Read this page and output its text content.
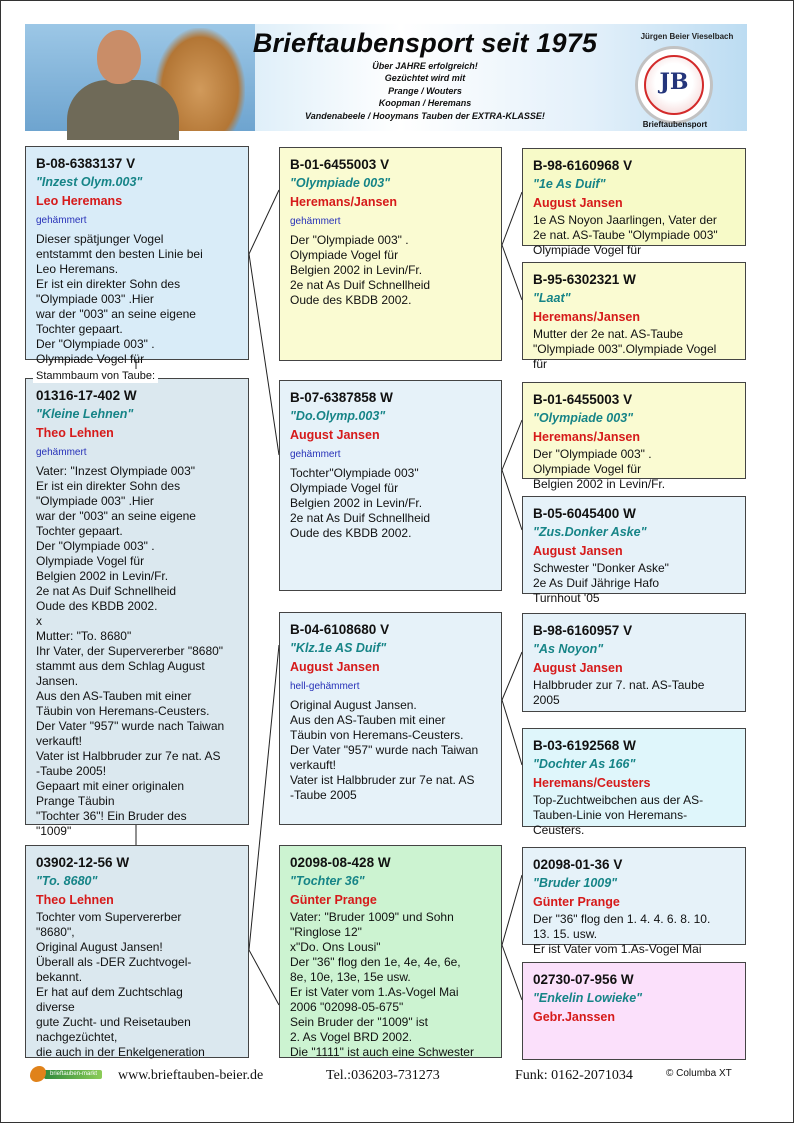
Brieftaubensport seit 1975
Über JAHRE erfolgreich!
Gezüchtet wird mit
Prange / Wouters
Koopman / Heremans
Vandenabeele / Hooymans Tauben der EXTRA-KLASSE!
Jürgen Beier Vieselbach
JB
Brieftaubensport
B-08-6383137 V
"Inzest Olym.003"
Leo Heremans
gehämmert
Dieser spätjunger Vogel
entstammt den besten Linie bei
Leo Heremans.
Er ist ein direkter Sohn des
"Olympiade 003" .Hier
war der "003" an seine eigene
Tochter gepaart.
Der "Olympiade 003" .
Olympiade Vogel für
01316-17-402 W
"Kleine Lehnen"
Theo Lehnen
gehämmert
Vater: "Inzest Olympiade 003"
Er ist ein direkter Sohn des
"Olympiade 003" .Hier
war der "003" an seine eigene
Tochter gepaart.
Der "Olympiade 003" .
Olympiade Vogel für
Belgien 2002 in Levin/Fr.
2e nat As Duif Schnellheid
Oude des KBDB 2002.
x
Mutter: "To. 8680"
Ihr Vater, der Supervererber "8680"
stammt aus dem Schlag August
Jansen.
Aus den AS-Tauben mit einer
Täubin von Heremans-Ceusters.
Der Vater "957" wurde nach Taiwan
verkauft!
Vater ist Halbbruder zur 7e nat. AS
-Taube 2005!
Gepaart mit einer originalen
Prange Täubin
"Tochter 36"! Ein Bruder des
"1009"
Stammbaum von Taube:
03902-12-56 W
"To. 8680"
Theo Lehnen
Tochter vom Supervererber
"8680",
Original August Jansen!
Überall als -DER Zuchtvogel-
bekannt.
Er hat auf dem Zuchtschlag
diverse
gute Zucht- und Reisetauben
nachgezüchtet,
die auch in der Enkelgeneration
B-01-6455003 V
"Olympiade 003"
Heremans/Jansen
gehämmert
Der "Olympiade 003" .
Olympiade Vogel für
Belgien 2002 in Levin/Fr.
2e nat As Duif Schnellheid
Oude des KBDB 2002.
B-07-6387858 W
"Do.Olymp.003"
August Jansen
gehämmert
Tochter"Olympiade 003"
Olympiade Vogel für
Belgien 2002 in Levin/Fr.
2e nat As Duif Schnellheid
Oude des KBDB 2002.
B-04-6108680 V
"Klz.1e AS Duif"
August Jansen
hell-gehämmert
Original August Jansen.
Aus den AS-Tauben mit einer
Täubin von Heremans-Ceusters.
Der Vater "957" wurde nach Taiwan
verkauft!
Vater ist Halbbruder zur 7e nat. AS
-Taube 2005
02098-08-428 W
"Tochter 36"
Günter Prange
Vater: "Bruder 1009" und Sohn
"Ringlose 12"
x"Do. Ons Lousi"
Der "36" flog den 1e, 4e, 4e, 6e,
8e, 10e, 13e, 15e usw.
Er ist Vater vom 1.As-Vogel Mai
2006 "02098-05-675"
Sein Bruder der "1009" ist
2. As Vogel BRD 2002.
Die "1111" ist auch eine Schwester
B-98-6160968 V
"1e As Duif"
August Jansen
1e AS Noyon Jaarlingen, Vater der
2e nat. AS-Taube "Olympiade 003"
Olympiade Vogel für
B-95-6302321 W
"Laat"
Heremans/Jansen
Mutter der 2e nat. AS-Taube
"Olympiade 003".Olympiade Vogel
für
B-01-6455003 V
"Olympiade 003"
Heremans/Jansen
Der "Olympiade 003" .
Olympiade Vogel für
Belgien 2002 in Levin/Fr.
B-05-6045400 W
"Zus.Donker Aske"
August Jansen
Schwester "Donker Aske"
2e As Duif Jährige Hafo
Turnhout '05
B-98-6160957 V
"As Noyon"
August Jansen
Halbbruder zur 7. nat. AS-Taube
2005
B-03-6192568 W
"Dochter As 166"
Heremans/Ceusters
Top-Zuchtweibchen aus der AS-
Tauben-Linie von Heremans-
Ceusters.
02098-01-36 V
"Bruder 1009"
Günter Prange
Der "36" flog den 1. 4. 4. 6. 8. 10.
13. 15. usw.
Er ist Vater vom 1.As-Vogel Mai
02730-07-956 W
"Enkelin Lowieke"
Gebr.Janssen
brieftauben-markt www.brieftauben-beier.de	Tel.:036203-731273	Funk: 0162-2071034	© Columba XT
